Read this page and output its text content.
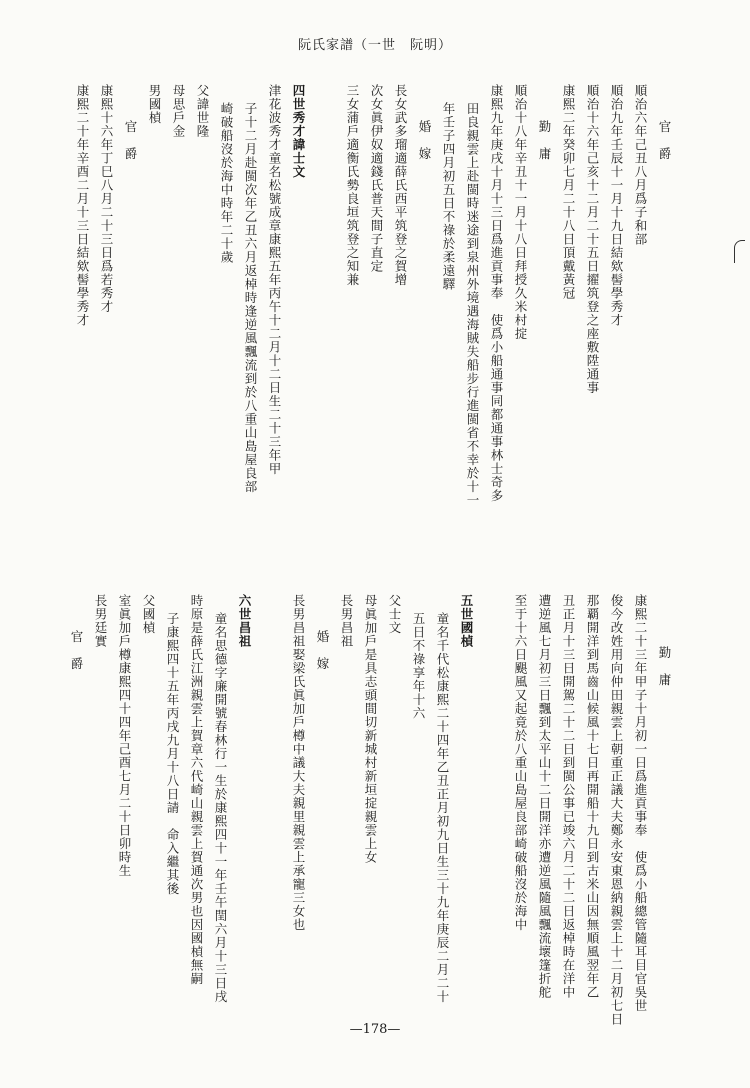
阮氏家譜（一世　阮明）
官　爵
順治六年己丑八月爲子和部
順治九年壬辰十一月十九日結欸髻學秀才
順治十六年己亥十二月二十五日擢筑登之座敷陞通事
康熙二年癸卯七月二十八日頂戴黃冠
勤　庸
順治十八年辛丑十一月十八日拜授久米村掟
康熙九年庚戌十月十三日爲進貢事奉　使爲小船通事同都通事林士奇多
田良親雲上赴閩時迷途到泉州外境遇海賊失船步行進閩省不幸於十一
年壬子四月初五日不祿於柔遠驛
婚　嫁
長女武多瑠適薛氏西平筑登之賀增
次女眞伊奴適錢氏普天間子直定
三女蒲戶適衡氏勢良垣筑登之知兼
四世秀才諱士文
津花波秀才童名松號成章康熙五年丙午十二月十二日生二十三年甲
子十二月赴閩次年乙丑六月返棹時逢逆風飄流到於八重山島屋良部
崎破船沒於海中時年二十歲
父諱世隆
母思戶金
男國楨
官　爵
康熙十六年丁巳八月二十三日爲若秀才
康熙二十年辛酉二月十三日結欸髻學秀才
勤　庸
康熙二十三年甲子十月初一日爲進貢事奉　使爲小船總管隨耳目官吳世
俊今改姓用向仲田親雲上朝重正議大夫鄭永安東恩納親雲上十二月初七日
那覇開洋到馬齒山候風十七日再開船十九日到古米山因無順風翌年乙
丑正月十三日開駕二十二日到閩公事已竣六月二十二日返棹時在洋中
遭逆風七月初三日飄到太平山十二日開洋亦遭逆風隨風飄流壞篷折舵
至于十六日颶風又起竟於八重山島屋良部崎破船沒於海中
五世國楨
童名千代松康熙二十四年乙丑正月初九日生三十九年庚辰二月二十
五日不祿享年十六
父士文
母眞加戶是具志頭間切新城村新垣掟親雲上女
長男昌祖
婚　嫁
長男昌祖娶梁氏眞加戶樽中議大夫親里親雲上承寵三女也
六世昌祖
童名思德字廉開號春林行一生於康熙四十一年壬午閏六月十三日戌
時原是薛氏江洲親雲上賀章六代崎山親雲上賀通次男也因國楨無嗣
子康熙四十五年丙戌九月十八日請　命入繼其後
父國楨
室眞加戶樽康熙四十四年己酉七月二十日卯時生
長男廷實
官　爵
—178—
